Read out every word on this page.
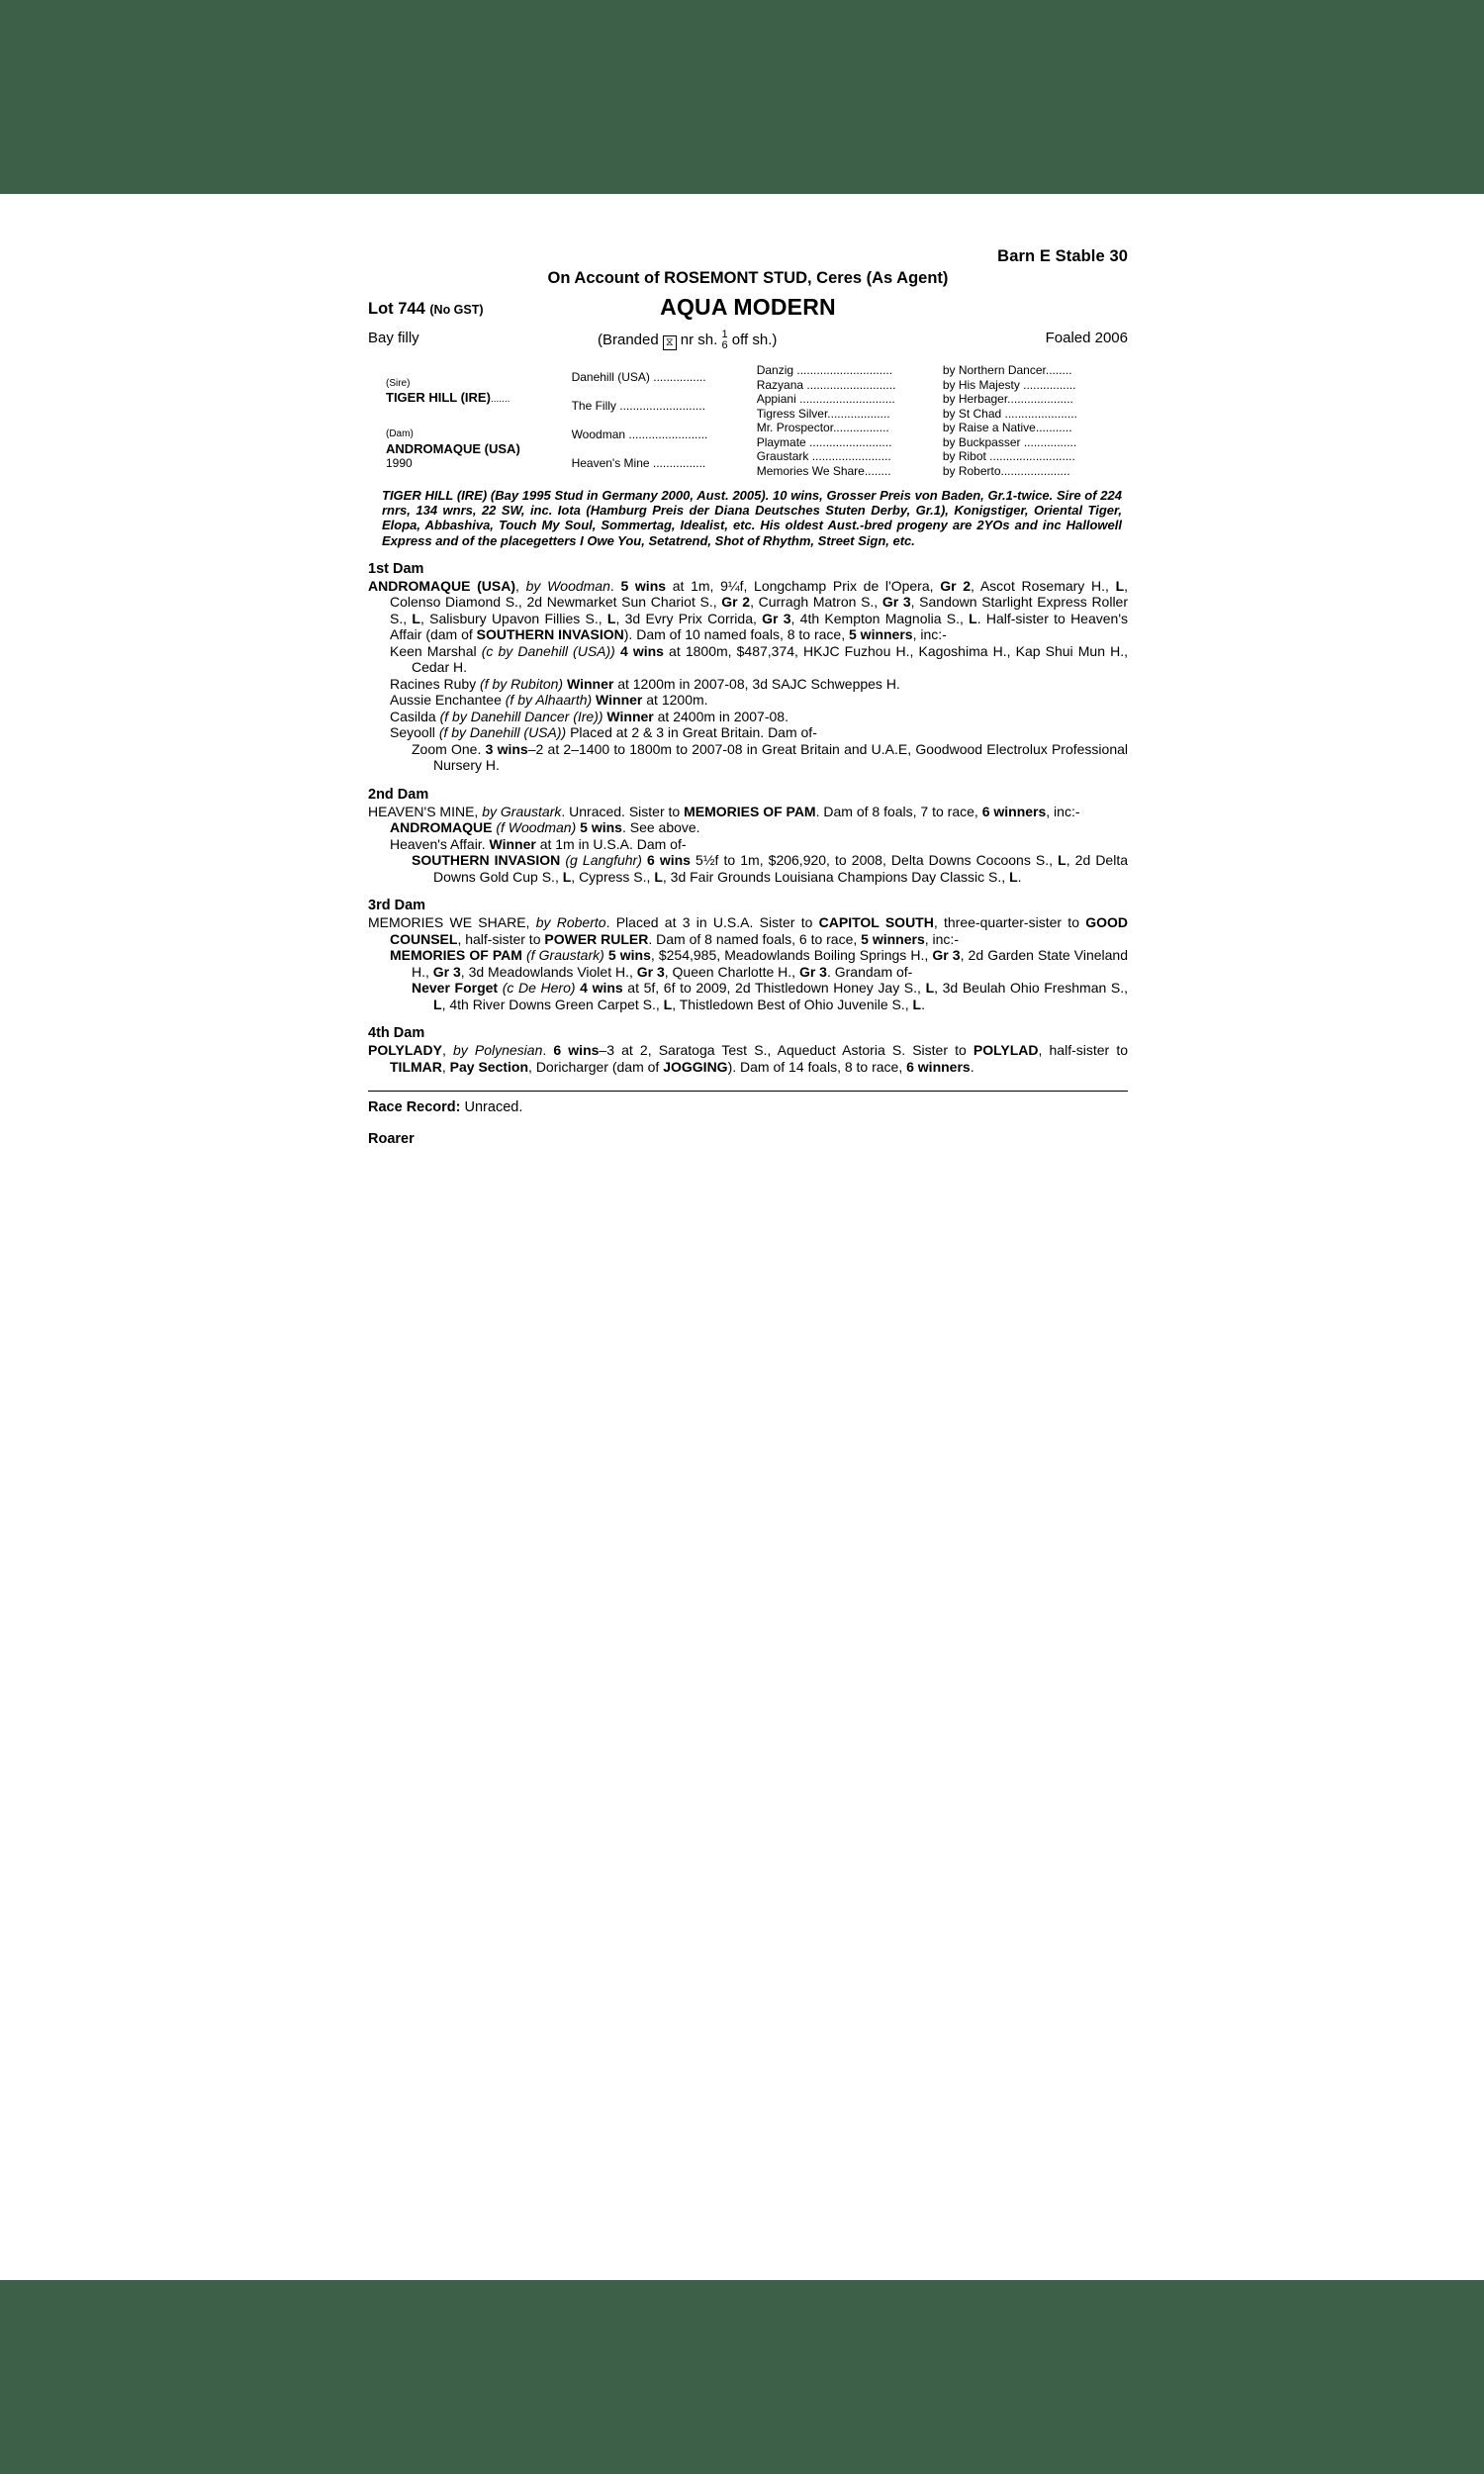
Barn E Stable 30
On Account of ROSEMONT STUD, Ceres (As Agent)
Lot 744 (No GST)	AQUA MODERN
Bay filly	(Branded ⧖ nr sh. 1
6 off sh.)	Foaled 2006
(Sire)
TIGER HILL (IRE).......	Danehill (USA) ................	Danzig .............................	by Northern Dancer........
		Razyana ...........................	by His Majesty ................
	The Filly ..........................	Appiani .............................	by Herbager....................
		Tigress Silver...................	by St Chad ......................

(Dam)
ANDROMAQUE (USA)
1990	Woodman ........................	Mr. Prospector.................	by Raise a Native...........
		Playmate .........................	by Buckpasser ................
	Heaven's Mine ................	Graustark ........................	by Ribot ..........................
		Memories We Share........	by Roberto.....................
TIGER HILL (IRE) (Bay 1995 Stud in Germany 2000, Aust. 2005). 10 wins, Grosser Preis von Baden, Gr.1-twice. Sire of 224 rnrs, 134 wnrs, 22 SW, inc. Iota (Hamburg Preis der Diana Deutsches Stuten Derby, Gr.1), Konigstiger, Oriental Tiger, Elopa, Abbashiva, Touch My Soul, Sommertag, Idealist, etc. His oldest Aust.-bred progeny are 2YOs and inc Hallowell Express and of the placegetters I Owe You, Setatrend, Shot of Rhythm, Street Sign, etc.
1st Dam
ANDROMAQUE (USA), by Woodman. 5 wins at 1m, 9¼f, Longchamp Prix de l'Opera, Gr 2, Ascot Rosemary H., L, Colenso Diamond S., 2d Newmarket Sun Chariot S., Gr 2, Curragh Matron S., Gr 3, Sandown Starlight Express Roller S., L, Salisbury Upavon Fillies S., L, 3d Evry Prix Corrida, Gr 3, 4th Kempton Magnolia S., L. Half-sister to Heaven's Affair (dam of SOUTHERN INVASION). Dam of 10 named foals, 8 to race, 5 winners, inc:-
Keen Marshal (c by Danehill (USA)) 4 wins at 1800m, $487,374, HKJC Fuzhou H., Kagoshima H., Kap Shui Mun H., Cedar H.
Racines Ruby (f by Rubiton) Winner at 1200m in 2007-08, 3d SAJC Schweppes H.
Aussie Enchantee (f by Alhaarth) Winner at 1200m.
Casilda (f by Danehill Dancer (Ire)) Winner at 2400m in 2007-08.
Seyooll (f by Danehill (USA)) Placed at 2 & 3 in Great Britain. Dam of-
Zoom One. 3 wins–2 at 2–1400 to 1800m to 2007-08 in Great Britain and U.A.E, Goodwood Electrolux Professional Nursery H.
2nd Dam
HEAVEN'S MINE, by Graustark. Unraced. Sister to MEMORIES OF PAM. Dam of 8 foals, 7 to race, 6 winners, inc:-
ANDROMAQUE (f Woodman) 5 wins. See above.
Heaven's Affair. Winner at 1m in U.S.A. Dam of-
SOUTHERN INVASION (g Langfuhr) 6 wins 5½f to 1m, $206,920, to 2008, Delta Downs Cocoons S., L, 2d Delta Downs Gold Cup S., L, Cypress S., L, 3d Fair Grounds Louisiana Champions Day Classic S., L.
3rd Dam
MEMORIES WE SHARE, by Roberto. Placed at 3 in U.S.A. Sister to CAPITOL SOUTH, three-quarter-sister to GOOD COUNSEL, half-sister to POWER RULER. Dam of 8 named foals, 6 to race, 5 winners, inc:-
MEMORIES OF PAM (f Graustark) 5 wins, $254,985, Meadowlands Boiling Springs H., Gr 3, 2d Garden State Vineland H., Gr 3, 3d Meadowlands Violet H., Gr 3, Queen Charlotte H., Gr 3. Grandam of-
Never Forget (c De Hero) 4 wins at 5f, 6f to 2009, 2d Thistledown Honey Jay S., L, 3d Beulah Ohio Freshman S., L, 4th River Downs Green Carpet S., L, Thistledown Best of Ohio Juvenile S., L.
4th Dam
POLYLADY, by Polynesian. 6 wins–3 at 2, Saratoga Test S., Aqueduct Astoria S. Sister to POLYLAD, half-sister to TILMAR, Pay Section, Doricharger (dam of JOGGING). Dam of 14 foals, 8 to race, 6 winners.
Race Record: Unraced.
Roarer
